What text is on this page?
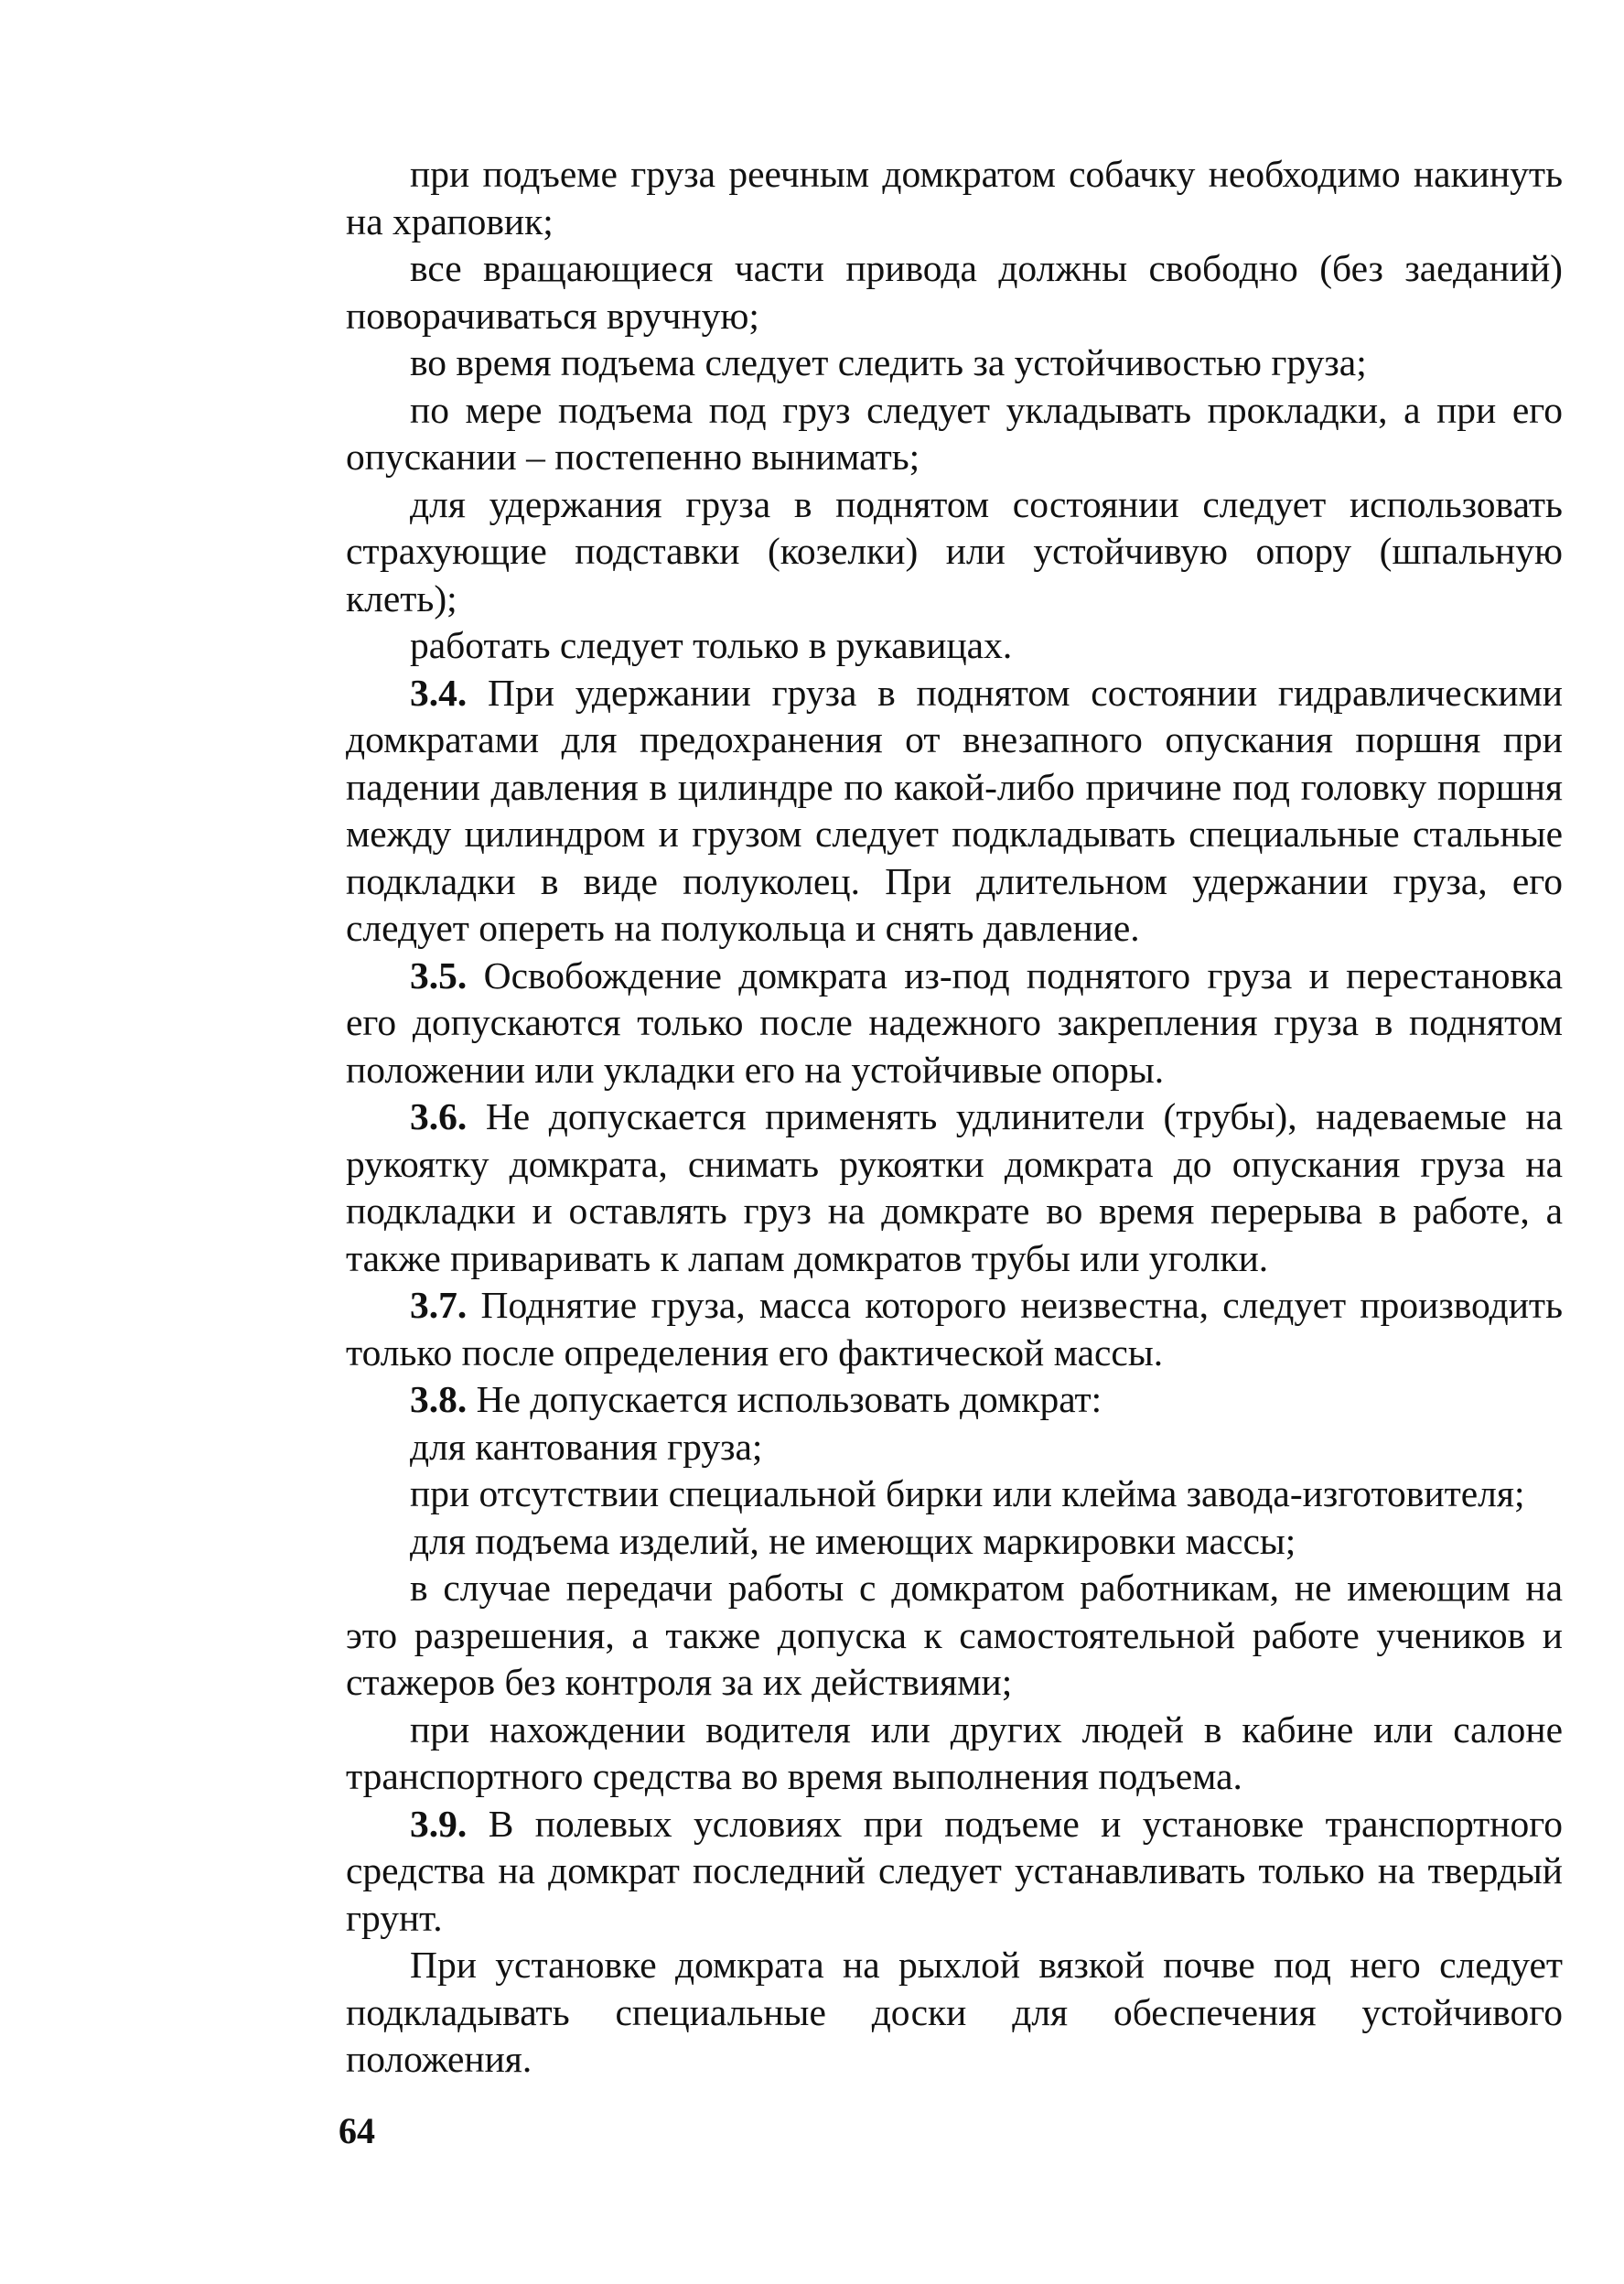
при подъеме груза реечным домкратом собачку необходимо накинуть на храповик;

все вращающиеся части привода должны свободно (без заеданий) поворачиваться вручную;

во время подъема следует следить за устойчивостью груза;

по мере подъема под груз следует укладывать прокладки, а при его опускании – постепенно вынимать;

для удержания груза в поднятом состоянии следует использовать страхующие подставки (козелки) или устойчивую опору (шпальную клеть);

работать следует только в рукавицах.

3.4. При удержании груза в поднятом состоянии гидравлическими домкратами для предохранения от внезапного опускания поршня при падении давления в цилиндре по какой-либо причине под головку поршня между цилиндром и грузом следует подкладывать специальные стальные подкладки в виде полуколец. При длительном удержании груза, его следует опереть на полукольца и снять давление.

3.5. Освобождение домкрата из-под поднятого груза и перестановка его допускаются только после надежного закрепления груза в поднятом положении или укладки его на устойчивые опоры.

3.6. Не допускается применять удлинители (трубы), надеваемые на рукоятку домкрата, снимать рукоятки домкрата до опускания груза на подкладки и оставлять груз на домкрате во время перерыва в работе, а также приваривать к лапам домкратов трубы или уголки.

3.7. Поднятие груза, масса которого неизвестна, следует производить только после определения его фактической массы.

3.8. Не допускается использовать домкрат:

для кантования груза;

при отсутствии специальной бирки или клейма завода-изготовителя;

для подъема изделий, не имеющих маркировки массы;

в случае передачи работы с домкратом работникам, не имеющим на это разрешения, а также допуска к самостоятельной работе учеников и стажеров без контроля за их действиями;

при нахождении водителя или других людей в кабине или салоне транспортного средства во время выполнения подъема.

3.9. В полевых условиях при подъеме и установке транспортного средства на домкрат последний следует устанавливать только на твердый грунт.

При установке домкрата на рыхлой вязкой почве под него следует подкладывать специальные доски для обеспечения устойчивого положения.

64
